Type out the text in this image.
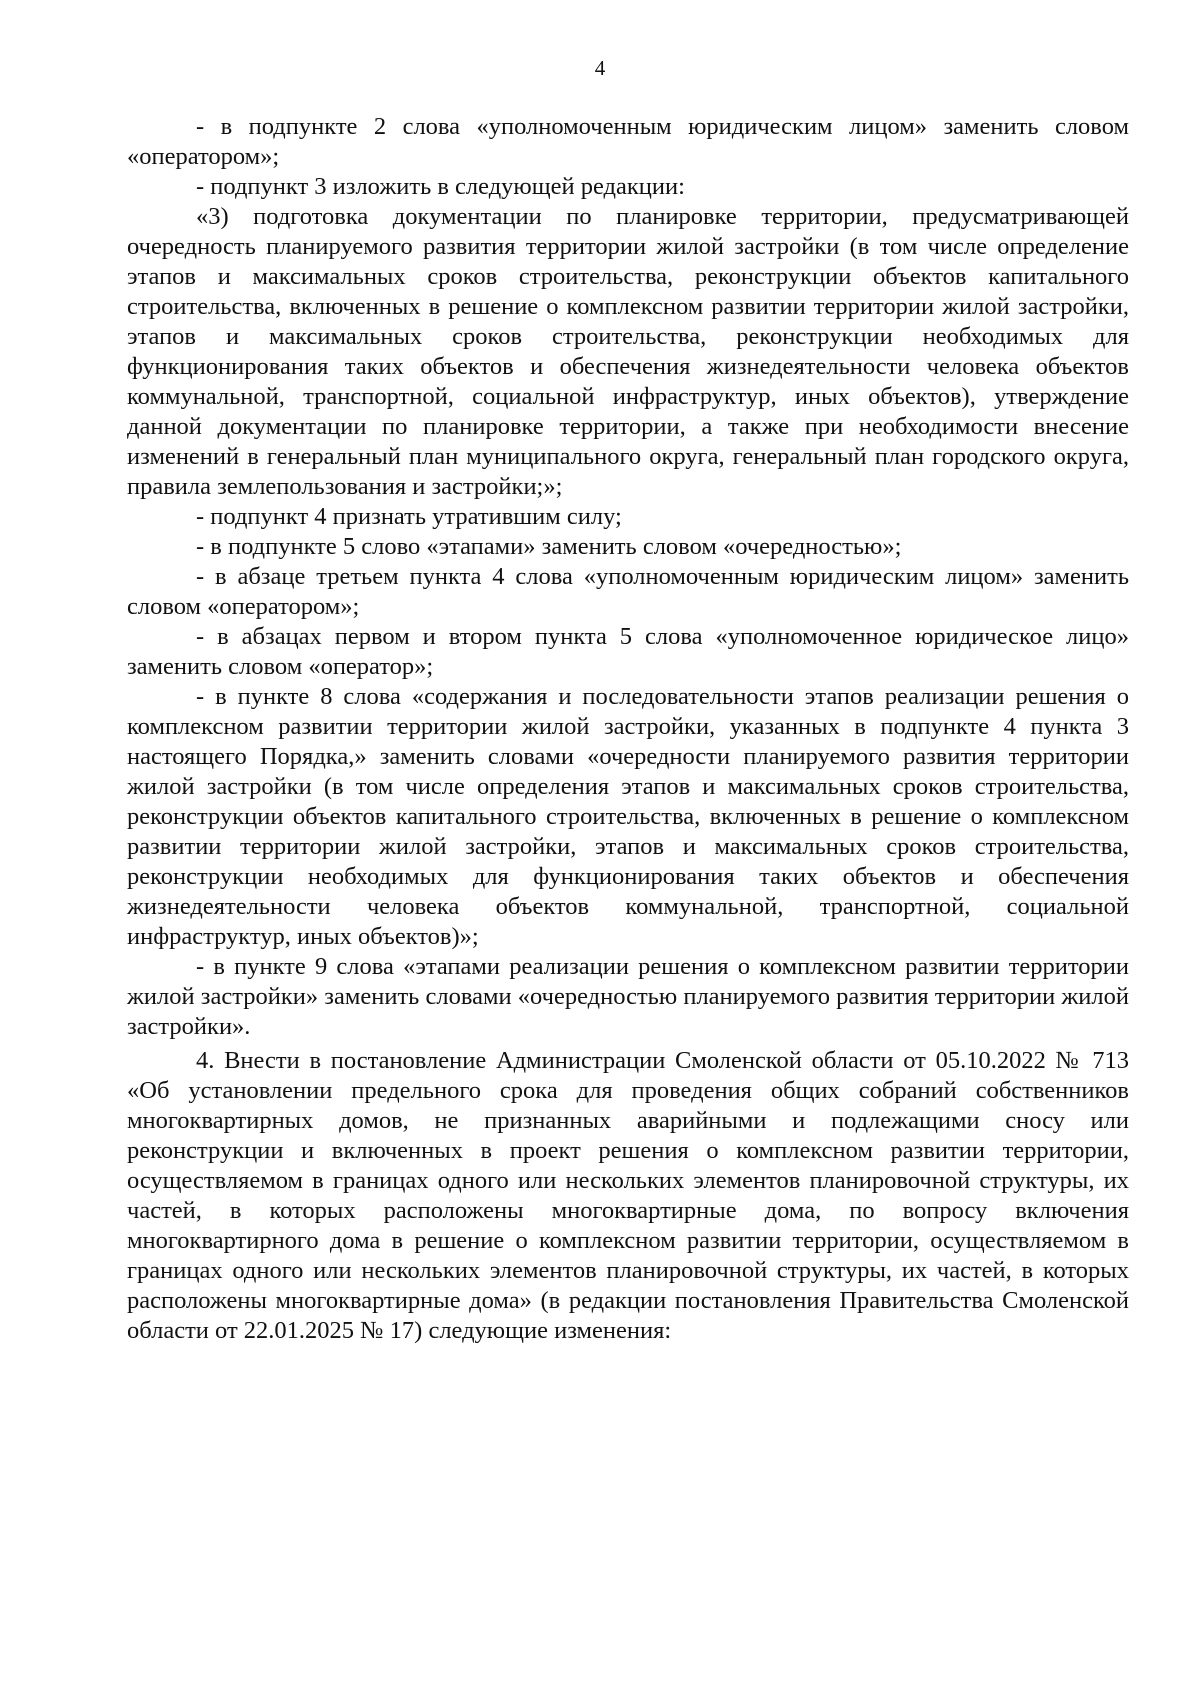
4

- в подпункте 2 слова «уполномоченным юридическим лицом» заменить словом «оператором»;

- подпункт 3 изложить в следующей редакции:

«3) подготовка документации по планировке территории, предусматривающей очередность планируемого развития территории жилой застройки (в том числе определение этапов и максимальных сроков строительства, реконструкции объектов капитального строительства, включенных в решение о комплексном развитии территории жилой застройки, этапов и максимальных сроков строительства, реконструкции необходимых для функционирования таких объектов и обеспечения жизнедеятельности человека объектов коммунальной, транспортной, социальной инфраструктур, иных объектов), утверждение данной документации по планировке территории, а также при необходимости внесение изменений в генеральный план муниципального округа, генеральный план городского округа, правила землепользования и застройки;»;

- подпункт 4 признать утратившим силу;

- в подпункте 5 слово «этапами» заменить словом «очередностью»;

- в абзаце третьем пункта 4 слова «уполномоченным юридическим лицом» заменить словом «оператором»;

- в абзацах первом и втором пункта 5 слова «уполномоченное юридическое лицо» заменить словом «оператор»;

- в пункте 8 слова «содержания и последовательности этапов реализации решения о комплексном развитии территории жилой застройки, указанных в подпункте 4 пункта 3 настоящего Порядка,» заменить словами «очередности планируемого развития территории жилой застройки (в том числе определения этапов и максимальных сроков строительства, реконструкции объектов капитального строительства, включенных в решение о комплексном развитии территории жилой застройки, этапов и максимальных сроков строительства, реконструкции необходимых для функционирования таких объектов и обеспечения жизнедеятельности человека объектов коммунальной, транспортной, социальной инфраструктур, иных объектов)»;

- в пункте 9 слова «этапами реализации решения о комплексном развитии территории жилой застройки» заменить словами «очередностью планируемого развития территории жилой застройки».

4. Внести в постановление Администрации Смоленской области от 05.10.2022 № 713 «Об установлении предельного срока для проведения общих собраний собственников многоквартирных домов, не признанных аварийными и подлежащими сносу или реконструкции и включенных в проект решения о комплексном развитии территории, осуществляемом в границах одного или нескольких элементов планировочной структуры, их частей, в которых расположены многоквартирные дома, по вопросу включения многоквартирного дома в решение о комплексном развитии территории, осуществляемом в границах одного или нескольких элементов планировочной структуры, их частей, в которых расположены многоквартирные дома» (в редакции постановления Правительства Смоленской области от 22.01.2025 № 17) следующие изменения:
